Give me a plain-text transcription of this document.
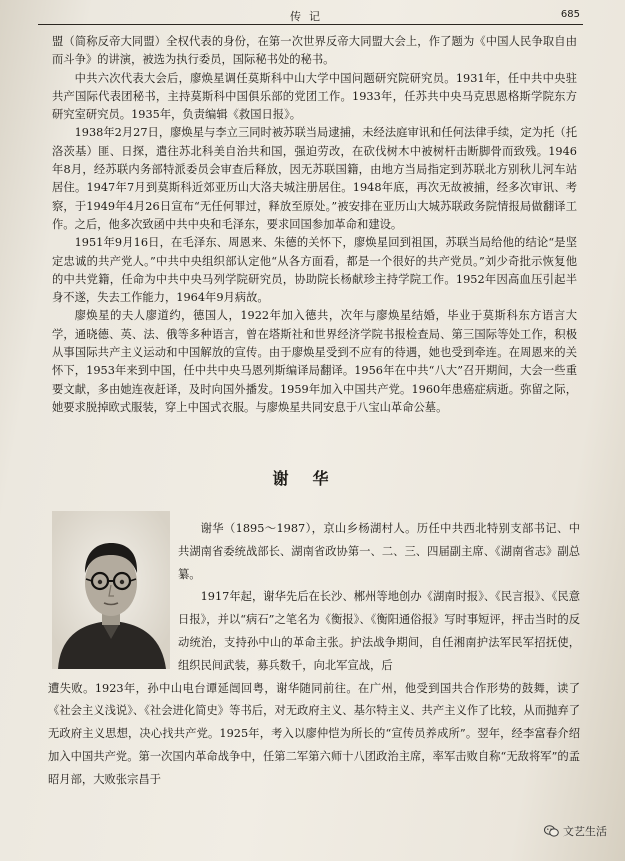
传记	685

盟（简称反帝大同盟）全权代表的身份，在第一次世界反帝大同盟大会上，作了题为《中国人民争取自由而斗争》的讲演，被选为执行委员，国际秘书处的秘书。

中共六次代表大会后，廖焕星调任莫斯科中山大学中国问题研究院研究员。1931年，任中共中央驻共产国际代表团秘书，主持莫斯科中国俱乐部的党团工作。1933年，任苏共中央马克思恩格斯学院东方研究室研究员。1935年，负责编辑《救国日报》。

1938年2月27日，廖焕星与李立三同时被苏联当局逮捕，未经法庭审讯和任何法律手续，定为托（托洛茨基）匪、日探，遣往苏北科美自治共和国，强迫劳改，在砍伐树木中被树杆击断脚骨而致残。1946年8月，经苏联内务部特派委员会审查后释放，因无苏联国籍，由地方当局指定到苏联北方别秋儿河车站居住。1947年7月到莫斯科近郊亚历山大洛夫城注册居住。1948年底，再次无故被捕，经多次审讯、考察，于1949年4月26日宣布“无任何罪过，释放至原处。”被安排在亚历山大城苏联政务院情报局做翻译工作。之后，他多次致函中共中央和毛泽东，要求回国参加革命和建设。

1951年9月16日，在毛泽东、周恩来、朱德的关怀下，廖焕星回到祖国，苏联当局给他的结论“是坚定忠诚的共产党人。”中共中央组织部认定他“从各方面看，都是一个很好的共产党员。”刘少奇批示恢复他的中共党籍，任命为中共中央马列学院研究员，协助院长杨献珍主持学院工作。1952年因高血压引起半身不遂，失去工作能力，1964年9月病故。

廖焕星的夫人廖道约，德国人，1922年加入德共，次年与廖焕星结婚，毕业于莫斯科东方语言大学，通晓德、英、法、俄等多种语言，曾在塔斯社和世界经济学院书报检查局、第三国际等处工作，积极从事国际共产主义运动和中国解放的宣传。由于廖焕星受到不应有的待遇，她也受到牵连。在周恩来的关怀下，1953年来到中国，任中共中央马恩列斯编译局翻译。1956年在中共“八大”召开期间，大会一些重要文献，多由她连夜赶译，及时向国外播发。1959年加入中国共产党。1960年患癌症病逝。弥留之际，她要求脱掉欧式服装，穿上中国式衣服。与廖焕星共同安息于八宝山革命公墓。

谢华

谢华（1895～1987），京山乡杨湖村人。历任中共西北特别支部书记、中共湖南省委统战部长、湖南省政协第一、二、三、四届副主席、《湖南省志》副总纂。

1917年起，谢华先后在长沙、郴州等地创办《湖南时报》、《民言报》、《民意日报》，并以“病石”之笔名为《衡报》、《衡阳通俗报》写时事短评，抨击当时的反动统治，支持孙中山的革命主张。护法战争期间，自任湘南护法军民军招抚使，组织民间武装，募兵数千，向北军宣战，后

遭失败。1923年，孙中山电台谭延闿回粤，谢华随同前往。在广州，他受到国共合作形势的鼓舞，读了《社会主义浅说》、《社会进化简史》等书后，对无政府主义、基尔特主义、共产主义作了比较，从而抛弃了无政府主义思想，决心找共产党。1925年，考入以廖仲恺为所长的“宣传员养成所”。翌年，经李富春介绍加入中国共产党。第一次国内革命战争中，任第二军第六师十八团政治主席，率军击败自称“无敌将军”的孟昭月部，大败张宗昌于

文艺生活
